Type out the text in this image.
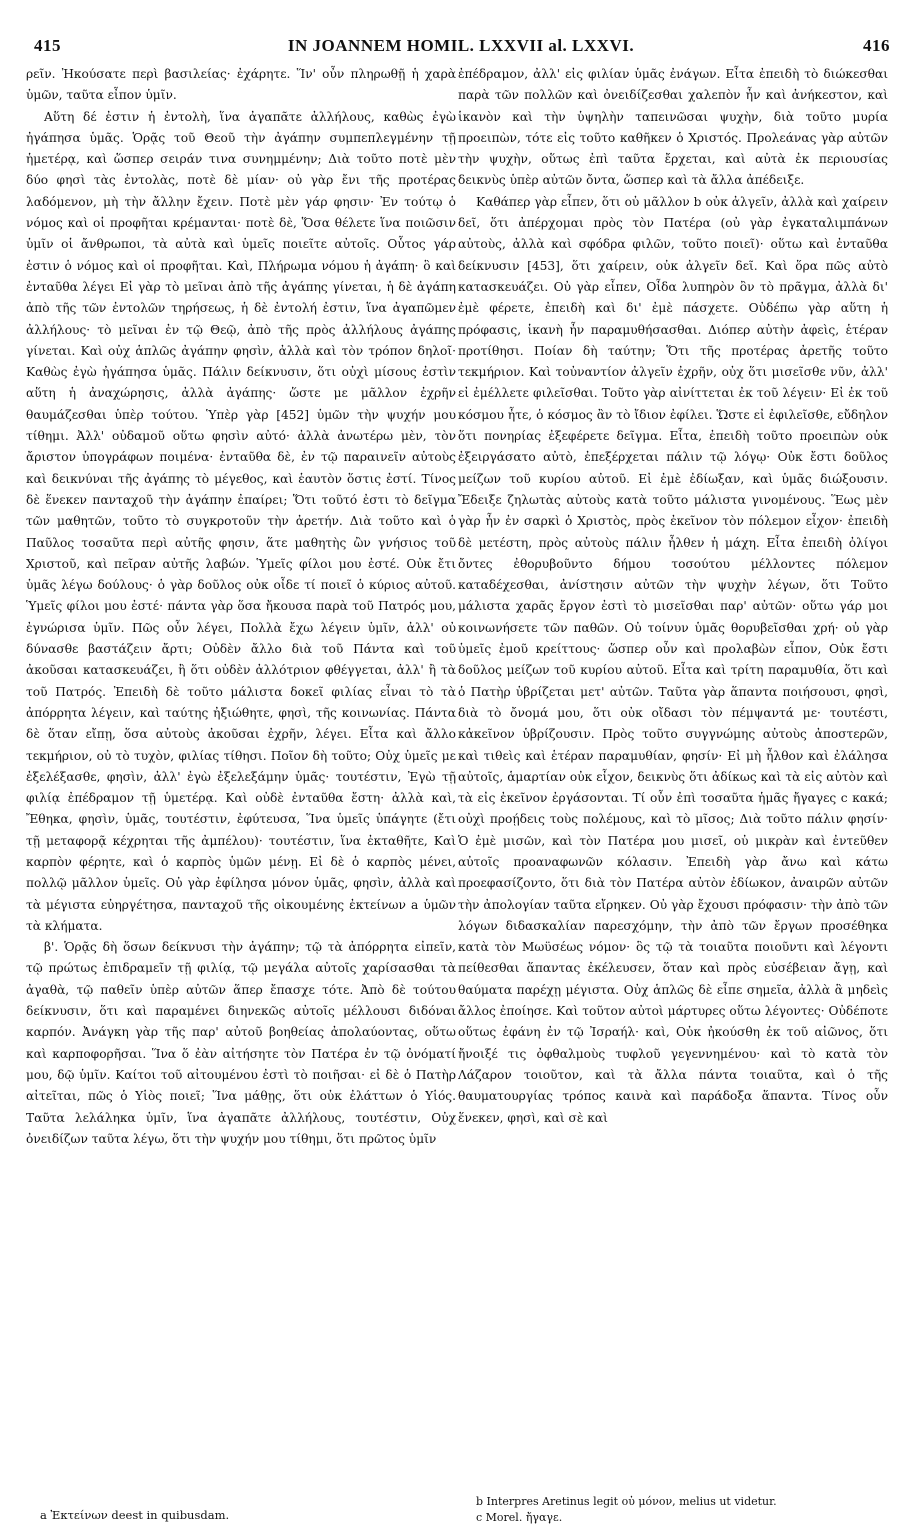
415	IN JOANNEM HOMIL. LXXVII al. LXXVI.	416

ρεῖν. Ἠκούσατε περὶ βασιλείας· ἐχάρητε. Ἵν' οὖν πληρωθῇ ἡ χαρὰ ὑμῶν, ταῦτα εἶπον ὑμῖν.

Αὕτη δέ ἐστιν ἡ ἐντολὴ, ἵνα ἀγαπᾶτε ἀλλήλους, καθὼς ἐγὼ ἠγάπησα ὑμᾶς. Ὁρᾷς τοῦ Θεοῦ τὴν ἀγάπην συμπεπλεγμένην τῇ ἡμετέρᾳ, καὶ ὥσπερ σειράν τινα συνημμένην; Διὰ τοῦτο ποτὲ μὲν δύο φησὶ τὰς ἐντολὰς, ποτὲ δὲ μίαν· οὐ γὰρ ἔνι τῆς προτέρας λαδόμενον, μὴ τὴν ἄλλην ἔχειν. Ποτὲ μὲν γάρ φησιν· Ἐν τούτῳ ὁ νόμος καὶ οἱ προφῆται κρέμανται· ποτὲ δὲ, Ὅσα θέλετε ἵνα ποιῶσιν ὑμῖν οἱ ἄνθρωποι, τὰ αὐτὰ καὶ ὑμεῖς ποιεῖτε αὐτοῖς. Οὗτος γάρ ἐστιν ὁ νόμος καὶ οἱ προφῆται. Καὶ, Πλήρωμα νόμου ἡ ἀγάπη· ὃ καὶ ἐνταῦθα λέγει Εἰ γὰρ τὸ μεῖναι ἀπὸ τῆς ἀγάπης γίνεται, ἡ δὲ ἀγάπη ἀπὸ τῆς τῶν ἐντολῶν τηρήσεως, ἡ δὲ ἐντολή ἐστιν, ἵνα ἀγαπῶμεν ἀλλήλους· τὸ μεῖναι ἐν τῷ Θεῷ, ἀπὸ τῆς πρὸς ἀλλήλους ἀγάπης γίνεται. Καὶ οὐχ ἁπλῶς ἀγάπην φησὶν, ἀλλὰ καὶ τὸν τρόπον δηλοῖ· Καθὼς ἐγὼ ἠγάπησα ὑμᾶς. Πάλιν δείκνυσιν, ὅτι οὐχὶ μίσους ἐστὶν αὕτη ἡ ἀναχώρησις, ἀλλὰ ἀγάπης· ὥστε με μᾶλλον ἐχρῆν θαυμάζεσθαι ὑπὲρ τούτου. Ὑπὲρ γὰρ [452] ὑμῶν τὴν ψυχήν μου τίθημι. Ἀλλ' οὐδαμοῦ οὕτω φησὶν αὐτό· ἀλλὰ ἀνωτέρω μὲν, τὸν ἄριστον ὑπογράφων ποιμένα· ἐνταῦθα δὲ, ἐν τῷ παραινεῖν αὐτοὺς καὶ δεικνύναι τῆς ἀγάπης τὸ μέγεθος, καὶ ἑαυτὸν ὅστις ἐστί. Τίνος δὲ ἕνεκεν πανταχοῦ τὴν ἀγάπην ἐπαίρει; Ὅτι τοῦτό ἐστι τὸ δεῖγμα τῶν μαθητῶν, τοῦτο τὸ συγκροτοῦν τὴν ἀρετήν. Διὰ τοῦτο καὶ ὁ Παῦλος τοσαῦτα περὶ αὐτῆς φησιν, ἅτε μαθητὴς ὢν γνήσιος τοῦ Χριστοῦ, καὶ πεῖραν αὐτῆς λαβών. Ὑμεῖς φίλοι μου ἐστέ. Οὐκ ἔτι ὑμᾶς λέγω δούλους· ὁ γὰρ δοῦλος οὐκ οἶδε τί ποιεῖ ὁ κύριος αὐτοῦ. Ὑμεῖς φίλοι μου ἐστέ· πάντα γὰρ ὅσα ἤκουσα παρὰ τοῦ Πατρός μου, ἐγνώρισα ὑμῖν. Πῶς οὖν λέγει, Πολλὰ ἔχω λέγειν ὑμῖν, ἀλλ' οὐ δύνασθε βαστάζειν ἄρτι; Οὐδὲν ἄλλο διὰ τοῦ Πάντα καὶ τοῦ ἀκοῦσαι κατασκευάζει, ἢ ὅτι οὐδὲν ἀλλότριον φθέγγεται, ἀλλ' ἢ τὰ τοῦ Πατρός. Ἐπειδὴ δὲ τοῦτο μάλιστα δοκεῖ φιλίας εἶναι τὸ τὰ ἀπόρρητα λέγειν, καὶ ταύτης ἠξιώθητε, φησὶ, τῆς κοινωνίας. Πάντα δὲ ὅταν εἴπῃ, ὅσα αὐτοὺς ἀκοῦσαι ἐχρῆν, λέγει. Εἶτα καὶ ἄλλο τεκμήριον, οὐ τὸ τυχὸν, φιλίας τίθησι. Ποῖον δὴ τοῦτο; Οὐχ ὑμεῖς με ἐξελέξασθε, φησὶν, ἀλλ' ἐγὼ ἐξελεξάμην ὑμᾶς· τουτέστιν, Ἐγὼ τῇ φιλίᾳ ἐπέδραμον τῇ ὑμετέρᾳ. Καὶ οὐδὲ ἐνταῦθα ἔστη· ἀλλὰ καὶ, Ἔθηκα, φησὶν, ὑμᾶς, τουτέστιν, ἐφύτευσα, Ἵνα ὑμεῖς ὑπάγητε (ἔτι τῇ μεταφορᾷ κέχρηται τῆς ἀμπέλου)· τουτέστιν, ἵνα ἐκταθῆτε, Καὶ καρπὸν φέρητε, καὶ ὁ καρπὸς ὑμῶν μένῃ. Εἰ δὲ ὁ καρπὸς μένει, πολλῷ μᾶλλον ὑμεῖς. Οὐ γὰρ ἐφίλησα μόνον ὑμᾶς, φησὶν, ἀλλὰ καὶ τὰ μέγιστα εὐηργέτησα, πανταχοῦ τῆς οἰκουμένης ἐκτείνων a ὑμῶν τὰ κλήματα.

β'. Ὁρᾷς δὴ ὅσων δείκνυσι τὴν ἀγάπην; τῷ τὰ ἀπόρρητα εἰπεῖν, τῷ πρώτως ἐπιδραμεῖν τῇ φιλίᾳ, τῷ μεγάλα αὐτοῖς χαρίσασθαι τὰ ἀγαθὰ, τῷ παθεῖν ὑπὲρ αὐτῶν ἅπερ ἔπασχε τότε. Ἀπὸ δὲ τούτου δείκνυσιν, ὅτι καὶ παραμένει διηνεκῶς αὐτοῖς μέλλουσι διδόναι καρπόν. Ἀνάγκη γὰρ τῆς παρ' αὐτοῦ βοηθείας ἀπολαύοντας, οὕτω καὶ καρποφορῆσαι. Ἵνα ὅ ἐὰν αἰτήσητε τὸν Πατέρα ἐν τῷ ὀνόματί μου, δῷ ὑμῖν. Καίτοι τοῦ αἰτουμένου ἐστὶ τὸ ποιῆσαι· εἰ δὲ ὁ Πατὴρ αἰτεῖται, πῶς ὁ Υἱὸς ποιεῖ; Ἵνα μάθῃς, ὅτι οὐκ ἐλάττων ὁ Υἱός. Ταῦτα λελάληκα ὑμῖν, ἵνα ἀγαπᾶτε ἀλλήλους, τουτέστιν, Οὐχ ὀνειδίζων ταῦτα λέγω, ὅτι τὴν ψυχήν μου τίθημι, ὅτι πρῶτος ὑμῖν

ἐπέδραμον, ἀλλ' εἰς φιλίαν ὑμᾶς ἐνάγων. Εἶτα ἐπειδὴ τὸ διώκεσθαι παρὰ τῶν πολλῶν καὶ ὀνειδίζεσθαι χαλεπὸν ἦν καὶ ἀνήκεστον, καὶ ἱκανὸν καὶ τὴν ὑψηλὴν ταπεινῶσαι ψυχὴν, διὰ τοῦτο μυρία προειπὼν, τότε εἰς τοῦτο καθῆκεν ὁ Χριστός. Προλεάνας γὰρ αὐτῶν τὴν ψυχὴν, οὕτως ἐπὶ ταῦτα ἔρχεται, καὶ αὐτὰ ἐκ περιουσίας δεικνὺς ὑπὲρ αὐτῶν ὄντα, ὥσπερ καὶ τὰ ἄλλα ἀπέδειξε.

Καθάπερ γὰρ εἶπεν, ὅτι οὐ μᾶλλον b οὐκ ἀλγεῖν, ἀλλὰ καὶ χαίρειν δεῖ, ὅτι ἀπέρχομαι πρὸς τὸν Πατέρα (οὐ γὰρ ἐγκαταλιμπάνων αὐτοὺς, ἀλλὰ καὶ σφόδρα φιλῶν, τοῦτο ποιεῖ)· οὕτω καὶ ἐνταῦθα δείκνυσιν [453], ὅτι χαίρειν, οὐκ ἀλγεῖν δεῖ. Καὶ ὅρα πῶς αὐτὸ κατασκευάζει. Οὐ γὰρ εἶπεν, Οἶδα λυπηρὸν ὂν τὸ πρᾶγμα, ἀλλὰ δι' ἐμὲ φέρετε, ἐπειδὴ καὶ δι' ἐμὲ πάσχετε. Οὐδέπω γὰρ αὕτη ἡ πρόφασις, ἱκανὴ ἦν παραμυθήσασθαι. Διόπερ αὐτὴν ἀφεὶς, ἑτέραν προτίθησι. Ποίαν δὴ ταύτην; Ὅτι τῆς προτέρας ἀρετῆς τοῦτο τεκμήριον. Καὶ τοὐναντίον ἀλγεῖν ἐχρῆν, οὐχ ὅτι μισεῖσθε νῦν, ἀλλ' εἰ ἐμέλλετε φιλεῖσθαι. Τοῦτο γὰρ αἰνίττεται ἐκ τοῦ λέγειν· Εἰ ἐκ τοῦ κόσμου ἦτε, ὁ κόσμος ἂν τὸ ἴδιον ἐφίλει. Ὥστε εἰ ἐφιλεῖσθε, εὔδηλον ὅτι πονηρίας ἐξεφέρετε δεῖγμα. Εἶτα, ἐπειδὴ τοῦτο προειπὼν οὐκ ἐξειργάσατο αὐτὸ, ἐπεξέρχεται πάλιν τῷ λόγῳ· Οὐκ ἔστι δοῦλος μείζων τοῦ κυρίου αὐτοῦ. Εἰ ἐμὲ ἐδίωξαν, καὶ ὑμᾶς διώξουσιν. Ἔδειξε ζηλωτὰς αὐτοὺς κατὰ τοῦτο μάλιστα γινομένους. Ἕως μὲν γὰρ ἦν ἐν σαρκὶ ὁ Χριστὸς, πρὸς ἐκεῖνον τὸν πόλεμον εἶχον· ἐπειδὴ δὲ μετέστη, πρὸς αὐτοὺς πάλιν ἦλθεν ἡ μάχη. Εἶτα ἐπειδὴ ὀλίγοι ὄντες ἐθορυβοῦντο δήμου τοσούτου μέλλοντες πόλεμον καταδέχεσθαι, ἀνίστησιν αὐτῶν τὴν ψυχὴν λέγων, ὅτι Τοῦτο μάλιστα χαρᾶς ἔργον ἐστὶ τὸ μισεῖσθαι παρ' αὐτῶν· οὕτω γάρ μοι κοινωνήσετε τῶν παθῶν. Οὐ τοίνυν ὑμᾶς θορυβεῖσθαι χρή· οὐ γὰρ ὑμεῖς ἐμοῦ κρείττους· ὥσπερ οὖν καὶ προλαβὼν εἶπον, Οὐκ ἔστι δοῦλος μείζων τοῦ κυρίου αὐτοῦ. Εἶτα καὶ τρίτη παραμυθία, ὅτι καὶ ὁ Πατὴρ ὑβρίζεται μετ' αὐτῶν. Ταῦτα γὰρ ἅπαντα ποιήσουσι, φησὶ, διὰ τὸ ὄνομά μου, ὅτι οὐκ οἴδασι τὸν πέμψαντά με· τουτέστι, κἀκεῖνον ὑβρίζουσιν. Πρὸς τοῦτο συγγνώμης αὐτοὺς ἀποστερῶν, καὶ τιθεὶς καὶ ἑτέραν παραμυθίαν, φησίν· Εἰ μὴ ἦλθον καὶ ἐλάλησα αὐτοῖς, ἁμαρτίαν οὐκ εἶχον, δεικνὺς ὅτι ἀδίκως καὶ τὰ εἰς αὐτὸν καὶ τὰ εἰς ἐκεῖνον ἐργάσονται. Τί οὖν ἐπὶ τοσαῦτα ἡμᾶς ἤγαγες c κακά; οὐχὶ προῄδεις τοὺς πολέμους, καὶ τὸ μῖσος; Διὰ τοῦτο πάλιν φησίν· Ὁ ἐμὲ μισῶν, καὶ τὸν Πατέρα μου μισεῖ, οὐ μικρὰν καὶ ἐντεῦθεν αὐτοῖς προαναφωνῶν κόλασιν. Ἐπειδὴ γὰρ ἄνω καὶ κάτω προεφασίζοντο, ὅτι διὰ τὸν Πατέρα αὐτὸν ἐδίωκον, ἀναιρῶν αὐτῶν τὴν ἀπολογίαν ταῦτα εἴρηκεν. Οὐ γὰρ ἔχουσι πρόφασιν· τὴν ἀπὸ τῶν λόγων διδασκαλίαν παρεσχόμην, τὴν ἀπὸ τῶν ἔργων προσέθηκα κατὰ τὸν Μωϋσέως νόμον· ὃς τῷ τὰ τοιαῦτα ποιοῦντι καὶ λέγοντι πείθεσθαι ἅπαντας ἐκέλευσεν, ὅταν καὶ πρὸς εὐσέβειαν ἄγῃ, καὶ θαύματα παρέχῃ μέγιστα. Οὐχ ἁπλῶς δὲ εἶπε σημεῖα, ἀλλὰ ἃ μηδεὶς ἄλλος ἐποίησε. Καὶ τοῦτον αὐτοὶ μάρτυρες οὕτω λέγοντες· Οὐδέποτε οὕτως ἐφάνη ἐν τῷ Ἰσραήλ· καὶ, Οὐκ ἠκούσθη ἐκ τοῦ αἰῶνος, ὅτι ἤνοιξέ τις ὀφθαλμοὺς τυφλοῦ γεγεννημένου· καὶ τὸ κατὰ τὸν Λάζαρον τοιοῦτον, καὶ τὰ ἄλλα πάντα τοιαῦτα, καὶ ὁ τῆς θαυματουργίας τρόπος καινὰ καὶ παράδοξα ἅπαντα. Τίνος οὖν ἕνεκεν, φησὶ, καὶ σὲ καὶ

a Ἐκτείνων deest in quibusdam.
b Interpres Aretinus legit οὐ μόνον, melius ut videtur.
c Morel. ἤγαγε.
